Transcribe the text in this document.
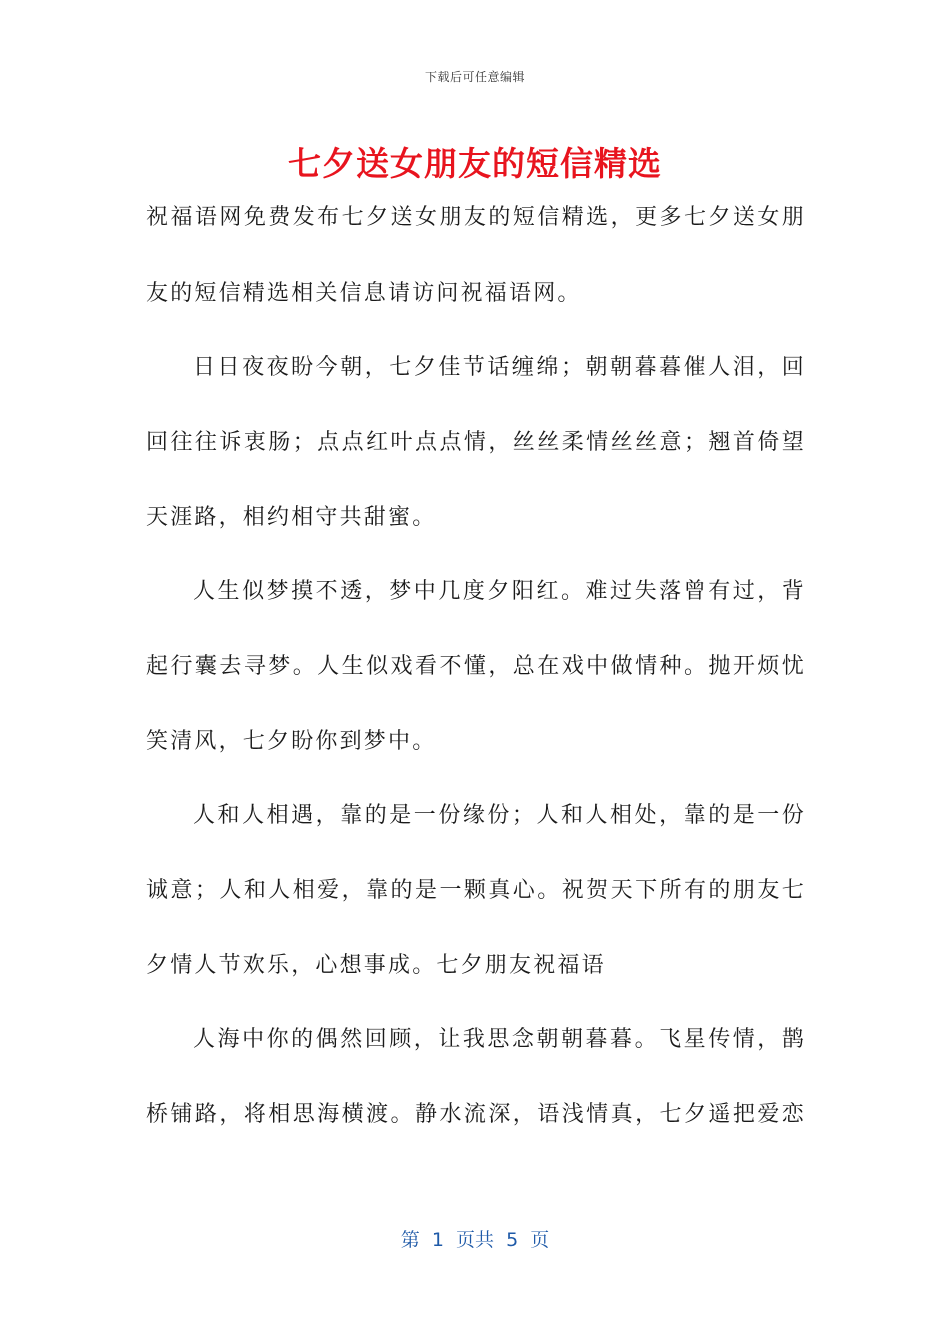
下载后可任意编辑
七夕送女朋友的短信精选
祝福语网免费发布七夕送女朋友的短信精选，更多七夕送女朋
友的短信精选相关信息请访问祝福语网。
日日夜夜盼今朝，七夕佳节话缠绵；朝朝暮暮催人泪，回
回往往诉衷肠；点点红叶点点情，丝丝柔情丝丝意；翘首倚望
天涯路，相约相守共甜蜜。
人生似梦摸不透，梦中几度夕阳红。难过失落曾有过，背
起行囊去寻梦。人生似戏看不懂，总在戏中做情种。抛开烦忧
笑清风，七夕盼你到梦中。
人和人相遇，靠的是一份缘份；人和人相处，靠的是一份
诚意；人和人相爱，靠的是一颗真心。祝贺天下所有的朋友七
夕情人节欢乐，心想事成。七夕朋友祝福语
人海中你的偶然回顾，让我思念朝朝暮暮。飞星传情，鹊
桥铺路，将相思海横渡。静水流深，语浅情真，七夕遥把爱恋
第  1  页共  5  页
